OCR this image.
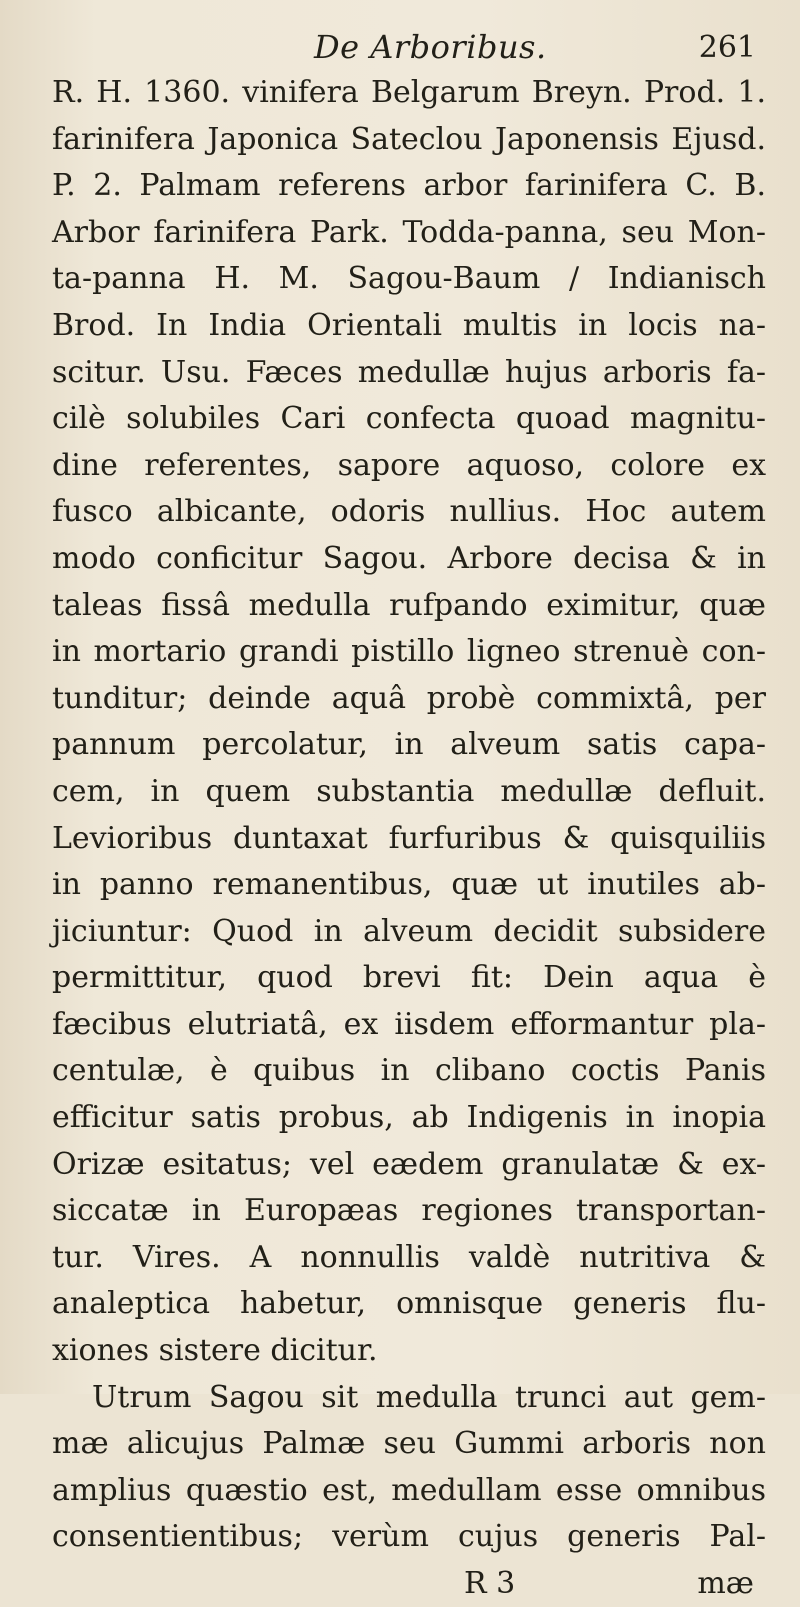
De Arboribus.	261
R. H. 1360. vinifera Belgarum Breyn. Prod. 1.
farinifera Japonica Sateclou Japonensis Ejusd.
P. 2. Palmam referens arbor farinifera C. B.
Arbor farinifera Park. Todda-panna, seu Mon-
ta-panna H. M. Sagou-Baum / Indianisch
Brod. In India Orientali multis in locis na-
scitur. Usu. Fæces medullæ hujus arboris fa-
cilè solubiles Cari confecta quoad magnitu-
dine referentes, sapore aquoso, colore ex
fusco albicante, odoris nullius. Hoc autem
modo conficitur Sagou. Arbore decisa & in
taleas fissâ medulla rufpando eximitur, quæ
in mortario grandi pistillo ligneo strenuè con-
tunditur; deinde aquâ probè commixtâ, per
pannum percolatur, in alveum satis capa-
cem, in quem substantia medullæ defluit.
Levioribus duntaxat furfuribus & quisquiliis
in panno remanentibus, quæ ut inutiles ab-
jiciuntur: Quod in alveum decidit subsidere
permittitur, quod brevi fit: Dein aqua è
fæcibus elutriatâ, ex iisdem efformantur pla-
centulæ, è quibus in clibano coctis Panis
efficitur satis probus, ab Indigenis in inopia
Orizæ esitatus; vel eædem granulatæ & ex-
siccatæ in Europæas regiones transportan-
tur. Vires. A nonnullis valdè nutritiva &
analeptica habetur, omnisque generis flu-
xiones sistere dicitur.
Utrum Sagou sit medulla trunci aut gem-
mæ alicujus Palmæ seu Gummi arboris non
amplius quæstio est, medullam esse omnibus
consentientibus; verùm cujus generis Pal-
R 3	mæ
